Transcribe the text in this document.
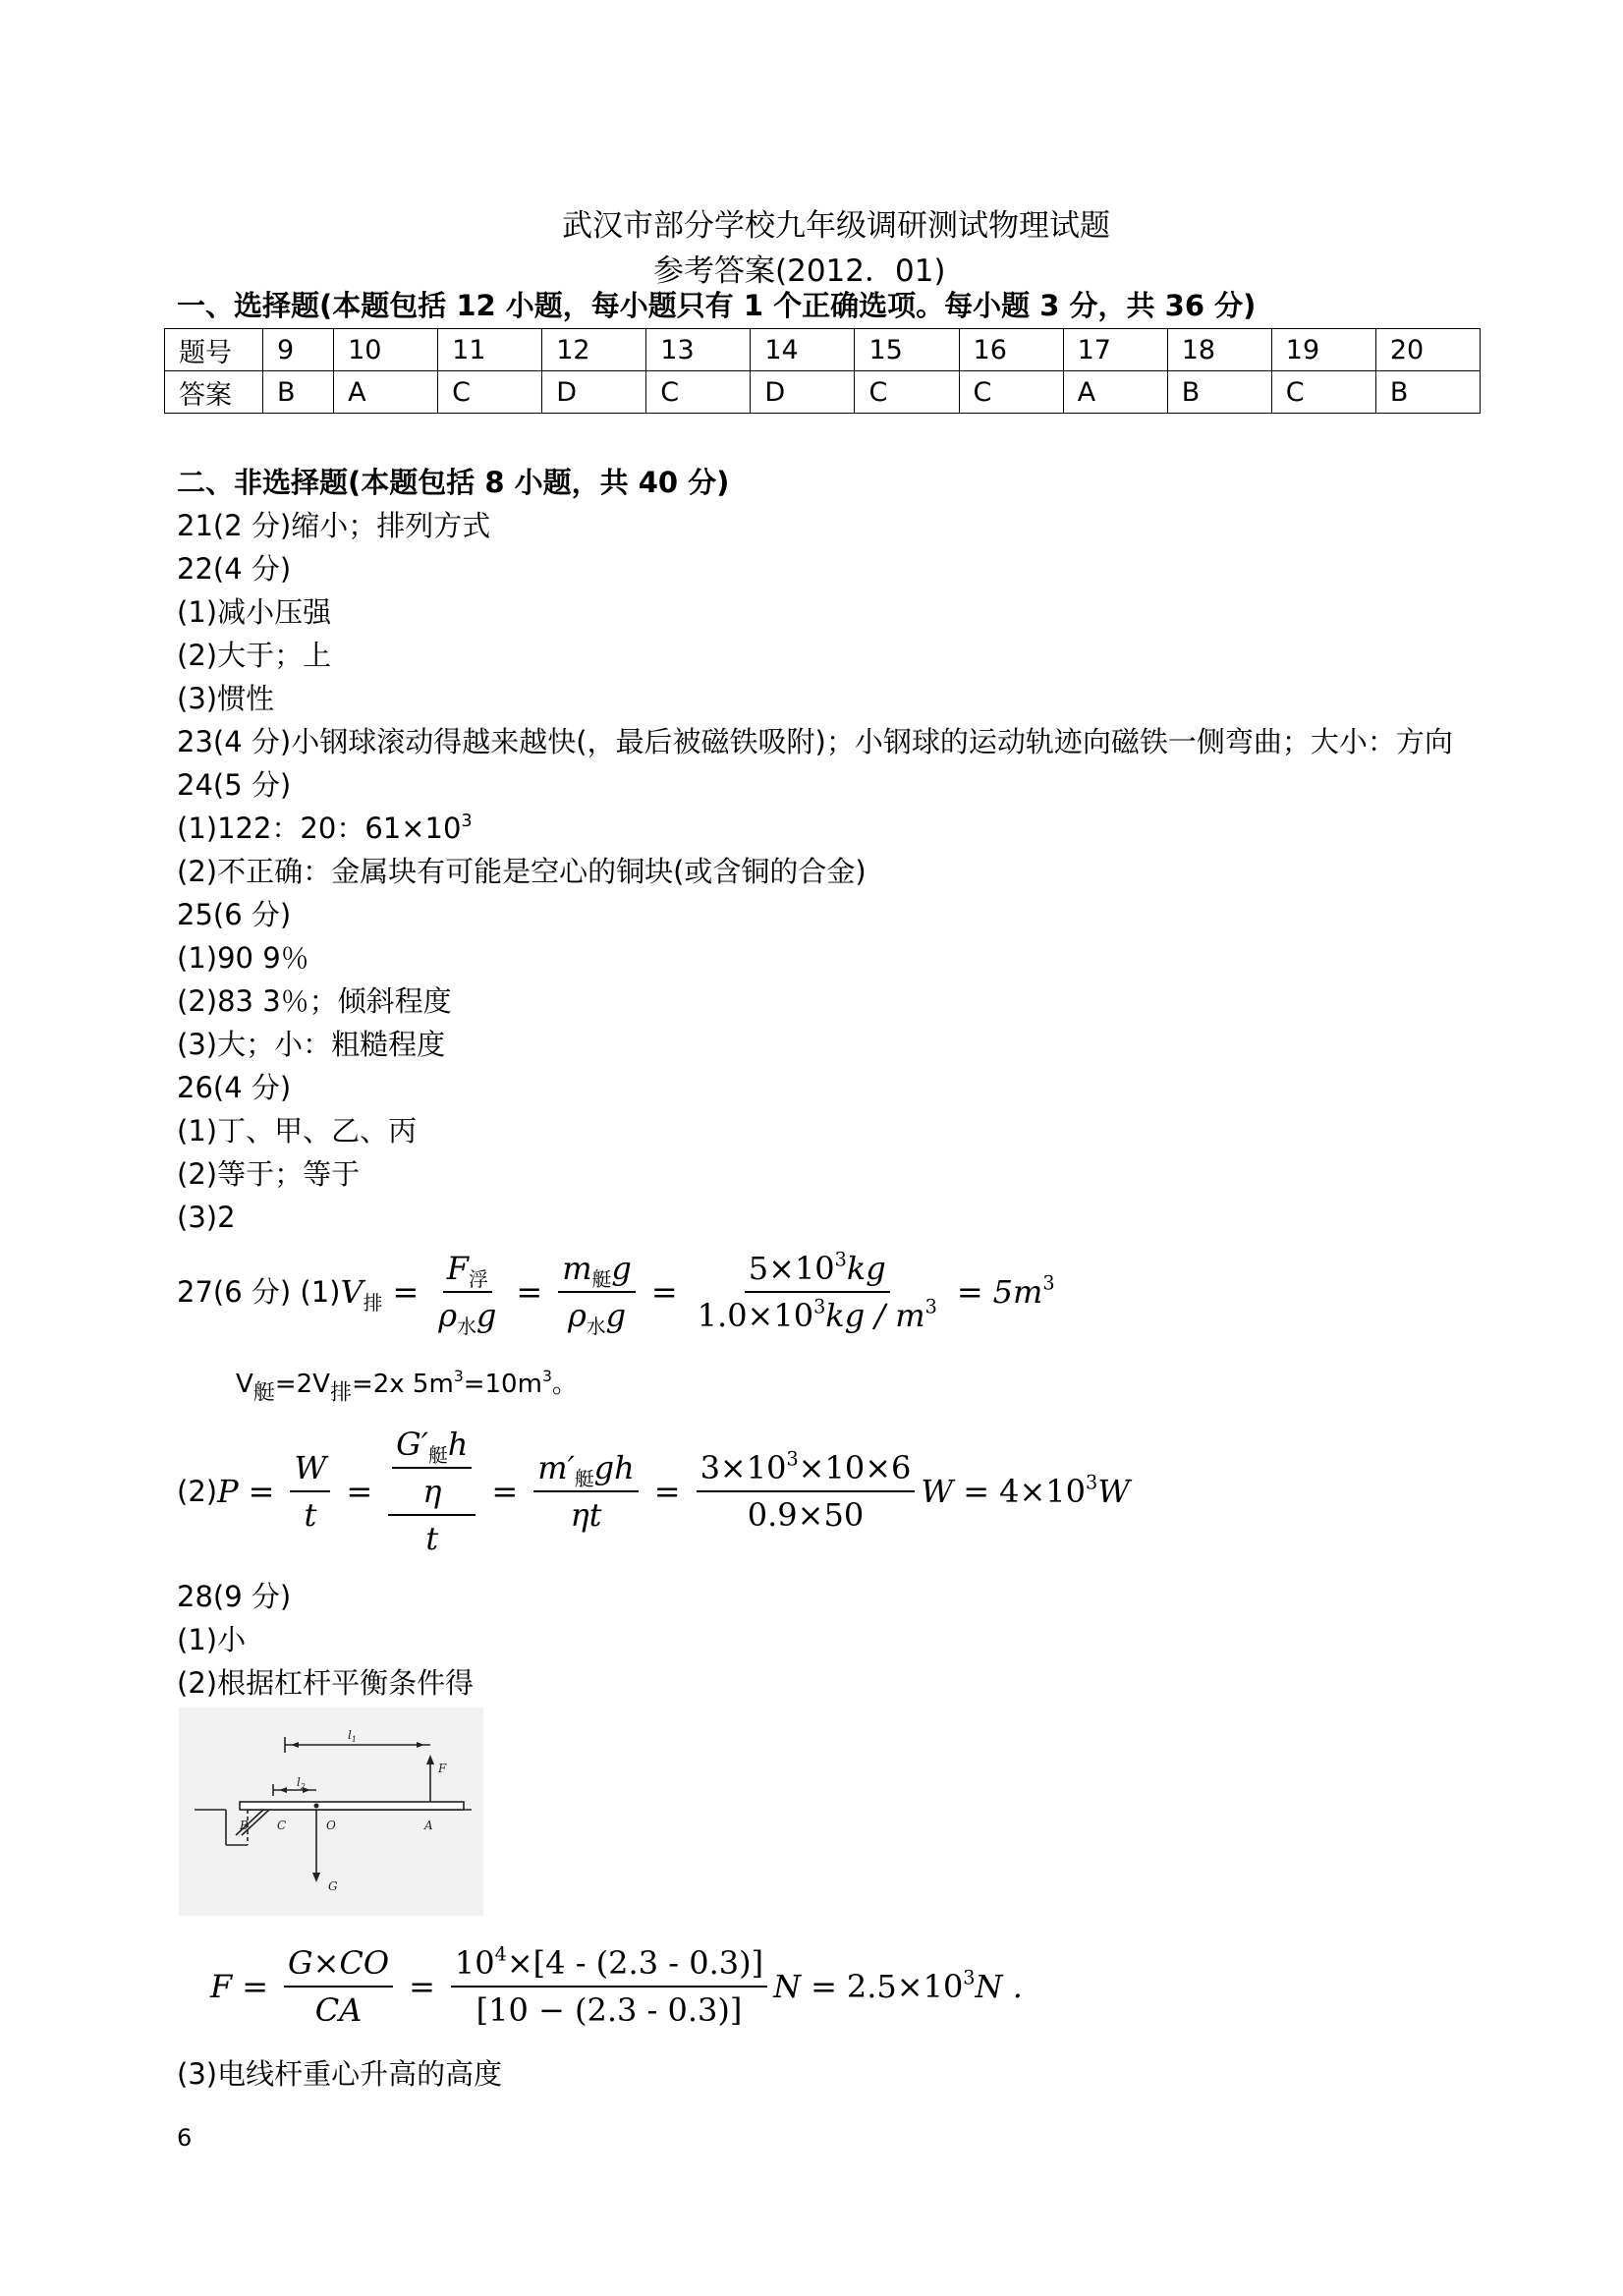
武汉市部分学校九年级调研测试物理试题
参考答案(2012．01)
一、选择题(本题包括 12 小题，每小题只有 1 个正确选项。每小题 3 分，共 36 分)
题号	9	10	11	12	13	14	15	16	17	18	19	20
答案	B	A	C	D	C	D	C	C	A	B	C	B
二、非选择题(本题包括 8 小题，共 40 分)
21(2 分)缩小；排列方式
22(4 分)
(1)减小压强
(2)大于；上
(3)惯性
23(4 分)小钢球滚动得越来越快(，最后被磁铁吸附)；小钢球的运动轨迹向磁铁一侧弯曲；大小：方向
24(5 分)
(1)122：20：$61\times 10^3$
(2)不正确：金属块有可能是空心的铜块(或含铜的合金)
25(6 分)
(1)90 9％
(2)83 3％；倾斜程度
(3)大；小：粗糙程度
26(4 分)
(1)丁、甲、乙、丙
(2)等于；等于
(3)2
27(6 分) (1) $V_排 = \frac{F_浮}{\rho_水g} = \frac{m_艇g}{\rho_水g} = \frac{5\times 10^3kg}{1.0\times 10^3kg / m^3} = 5m^3$
$V_艇=2V_排=2x$ $5m^3=10m^3$。
(2) $P = \frac{W}{t} = \frac{\frac{G'_艇h}{\eta}}{t} = \frac{m'_艇gh}{\eta t} = \frac{3\times 10^3\times 10\times 6}{0.9\times 50}$ $W = 4\times 10^3W$
28(9 分)
(1)小
(2)根据杠杆平衡条件得
$l_1$
$l_2$
F
B C	O	A
G
$F = \frac{G\times CO}{CA} = \frac{10^4\times[4 - (2.3 - 0.3)]}{[10 - (2.3 - 0.3)]}$ $N = 2.5\times 10^3N$ .
(3)电线杆重心升高的高度
6
